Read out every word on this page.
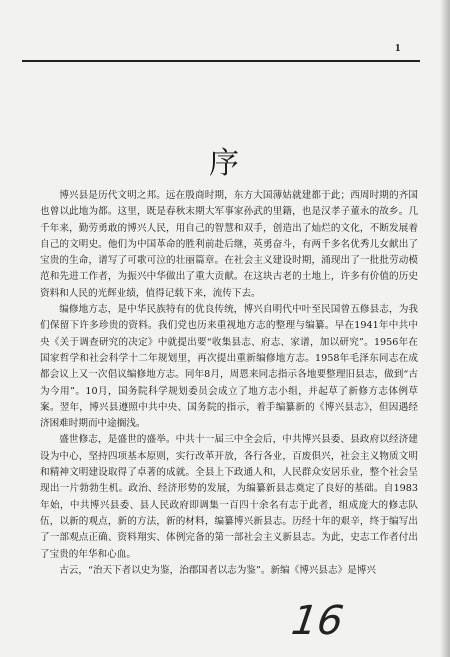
1
序

博兴县是历代文明之邦。远在殷商时期，东方大国薄姑就建都于此；西周时期的齐国也曾以此地为都。这里，既是春秋末期大军事家孙武的里籍，也是汉孝子董永的故乡。几千年来，勤劳勇敢的博兴人民，用自己的智慧和双手，创造出了灿烂的文化，不断发展着自己的文明史。他们为中国革命的胜利前赴后继，英勇奋斗，有两千多名优秀儿女献出了宝贵的生命，谱写了可歌可泣的壮丽篇章。在社会主义建设时期，涌现出了一批批劳动模范和先进工作者，为振兴中华做出了重大贡献。在这块古老的土地上，许多有价值的历史资料和人民的光辉业绩，值得记载下来，流传下去。

编修地方志，是中华民族特有的优良传统，博兴自明代中叶至民国曾五修县志，为我们保留下许多珍贵的资料。我们党也历来重视地方志的整理与编纂。早在1941年中共中央《关于调查研究的决定》中就提出要“收集县志、府志、家谱，加以研究”。1956年在国家哲学和社会科学十二年规划里，再次提出重新编修地方志。1958年毛泽东同志在成都会议上又一次倡议编修地方志。同年8月，周恩来同志指示各地要整理旧县志，做到“古为今用”。10月，国务院科学规划委员会成立了地方志小组，并起草了新修方志体例草案。翌年，博兴县遵照中共中央、国务院的指示，着手编纂新的《博兴县志》，但因遇经济困难时期而中途搁浅。

盛世修志，是盛世的盛举。中共十一届三中全会后，中共博兴县委、县政府以经济建设为中心，坚持四项基本原则，实行改革开放，各行各业，百废俱兴，社会主义物质文明和精神文明建设取得了卓著的成就。全县上下政通人和，人民群众安居乐业，整个社会呈现出一片勃勃生机。政治、经济形势的发展，为编纂新县志奠定了良好的基础。自1983年始，中共博兴县委、县人民政府即调集一百四十余名有志于此者，组成庞大的修志队伍，以新的观点，新的方法，新的材料，编纂博兴新县志。历经十年的艰辛，终于编写出了一部观点正确、资料翔实、体例完备的第一部社会主义新县志。为此，史志工作者付出了宝贵的年华和心血。

古云，“治天下者以史为鉴，治郡国者以志为鉴”。新编《博兴县志》是博兴

16
